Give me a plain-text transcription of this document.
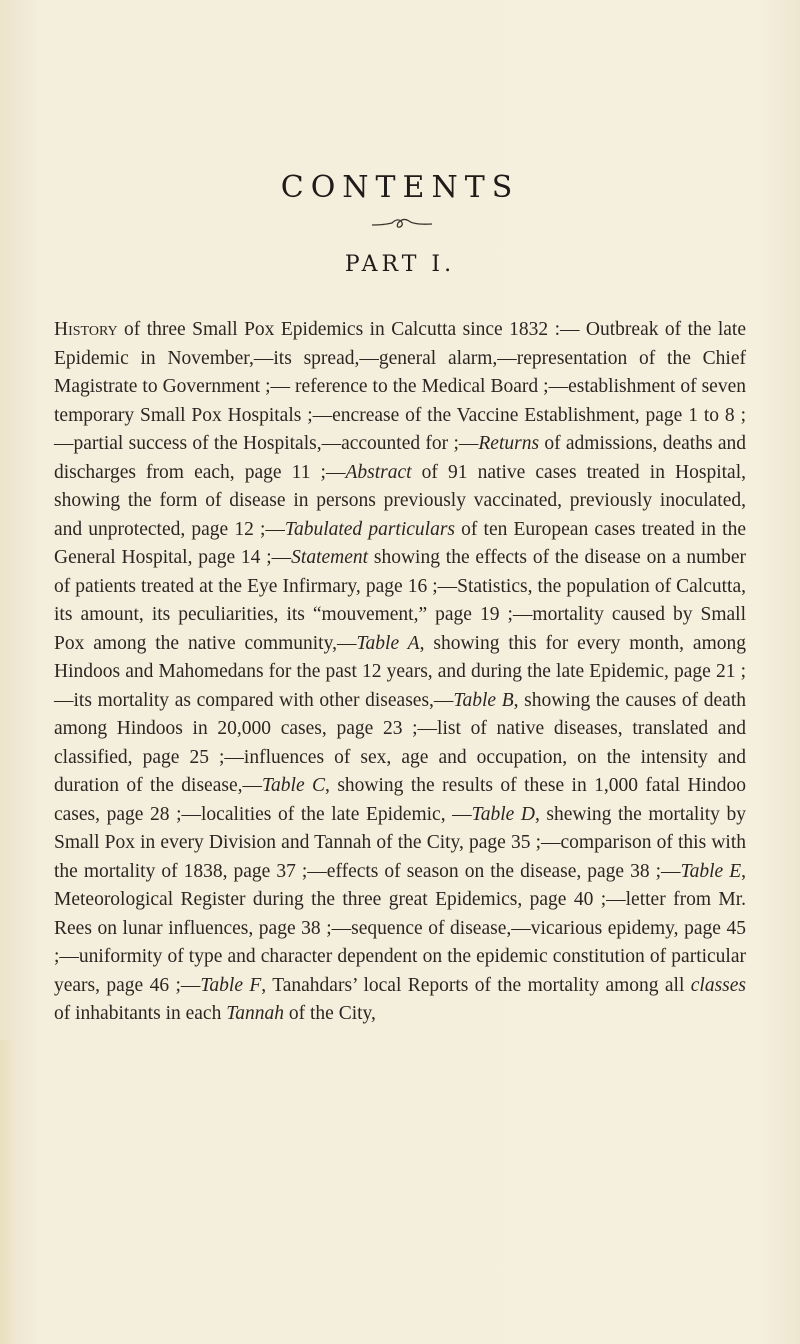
CONTENTS
PART I.
History of three Small Pox Epidemics in Calcutta since 1832 :— Outbreak of the late Epidemic in November,—its spread,—general alarm,—representation of the Chief Magistrate to Government ;— reference to the Medical Board ;—establishment of seven temporary Small Pox Hospitals ;—encrease of the Vaccine Establishment, page 1 to 8 ;—partial success of the Hospitals,—accounted for ;—Returns of admissions, deaths and discharges from each, page 11 ;—Abstract of 91 native cases treated in Hospital, showing the form of disease in persons previously vaccinated, previously inoculated, and unprotected, page 12 ;—Tabulated particulars of ten European cases treated in the General Hospital, page 14 ;—Statement showing the effects of the disease on a number of patients treated at the Eye Infirmary, page 16 ;—Statistics, the population of Calcutta, its amount, its peculiarities, its “mouvement,” page 19 ;—mortality caused by Small Pox among the native community,—Table A, showing this for every month, among Hindoos and Mahomedans for the past 12 years, and during the late Epidemic, page 21 ;—its mortality as compared with other diseases,—Table B, showing the causes of death among Hindoos in 20,000 cases, page 23 ;—list of native diseases, translated and classified, page 25 ;—influences of sex, age and occupation, on the intensity and duration of the disease,—Table C, showing the results of these in 1,000 fatal Hindoo cases, page 28 ;—localities of the late Epidemic, —Table D, shewing the mortality by Small Pox in every Division and Tannah of the City, page 35 ;—comparison of this with the mortality of 1838, page 37 ;—effects of season on the disease, page 38 ;—Table E, Meteorological Register during the three great Epidemics, page 40 ;—letter from Mr. Rees on lunar influences, page 38 ;—sequence of disease,—vicarious epidemy, page 45 ;—uniformity of type and character dependent on the epidemic constitution of particular years, page 46 ;—Table F, Tanahdars’ local Reports of the mortality among all classes of inhabitants in each Tannah of the City,
